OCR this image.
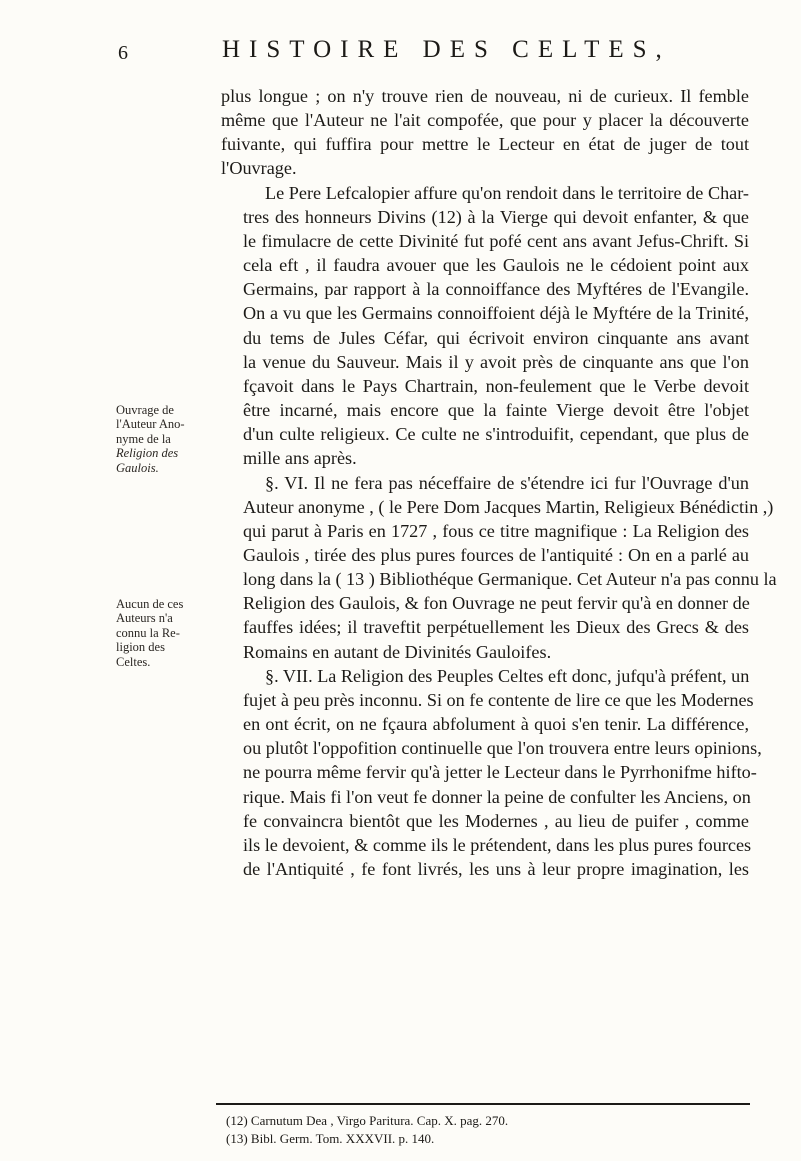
6	HISTOIRE DES CELTES,
plus longue ; on n'y trouve rien de nouveau, ni de curieux. Il femble
même que l'Auteur ne l'ait compofée, que pour y placer la découverte
fuivante, qui fuffira pour mettre le Lecteur en état de juger de tout
l'Ouvrage.
Le Pere Lefcalopier affure qu'on rendoit dans le territoire de Char-
tres des honneurs Divins (12) à la Vierge qui devoit enfanter, & que
le fimulacre de cette Divinité fut pofé cent ans avant Jefus-Chrift. Si
cela eft , il faudra avouer que les Gaulois ne le cédoient point aux
Germains, par rapport à la connoiffance des Myftéres de l'Evangile.
On a vu que les Germains connoiffoient déjà le Myftére de la Trinité,
du tems de Jules Céfar, qui écrivoit environ cinquante ans avant
la venue du Sauveur. Mais il y avoit près de cinquante ans que l'on
fçavoit dans le Pays Chartrain, non-feulement que le Verbe devoit
être incarné, mais encore que la fainte Vierge devoit être l'objet
d'un culte religieux. Ce culte ne s'introduifit, cependant, que plus de
mille ans après.
§. VI. Il ne fera pas néceffaire de s'étendre ici fur l'Ouvrage d'un
Auteur anonyme , ( le Pere Dom Jacques Martin, Religieux Bénédictin ,)
qui parut à Paris en 1727 , fous ce titre magnifique : La Religion des
Gaulois , tirée des plus pures fources de l'antiquité : On en a parlé au
long dans la ( 13 ) Bibliothéque Germanique. Cet Auteur n'a pas connu la
Religion des Gaulois, & fon Ouvrage ne peut fervir qu'à en donner de
fauffes idées; il traveftit perpétuellement les Dieux des Grecs & des
Romains en autant de Divinités Gauloifes.
§. VII. La Religion des Peuples Celtes eft donc, jufqu'à préfent, un
fujet à peu près inconnu. Si on fe contente de lire ce que les Modernes
en ont écrit, on ne fçaura abfolument à quoi s'en tenir. La différence,
ou plutôt l'oppofition continuelle que l'on trouvera entre leurs opinions,
ne pourra même fervir qu'à jetter le Lecteur dans le Pyrrhonifme hifto-
rique. Mais fi l'on veut fe donner la peine de confulter les Anciens, on
fe convaincra bientôt que les Modernes , au lieu de puifer , comme
ils le devoient, & comme ils le prétendent, dans les plus pures fources
de l'Antiquité , fe font livrés, les uns à leur propre imagination, les
Ouvrage de
l'Auteur Ano-
nyme de la
Religion des
Gaulois.
Aucun de ces
Auteurs n'a
connu la Re-
ligion des
Celtes.
(12) Carnutum Dea , Virgo Paritura. Cap. X. pag. 270.
(13) Bibl. Germ. Tom. XXXVII. p. 140.
